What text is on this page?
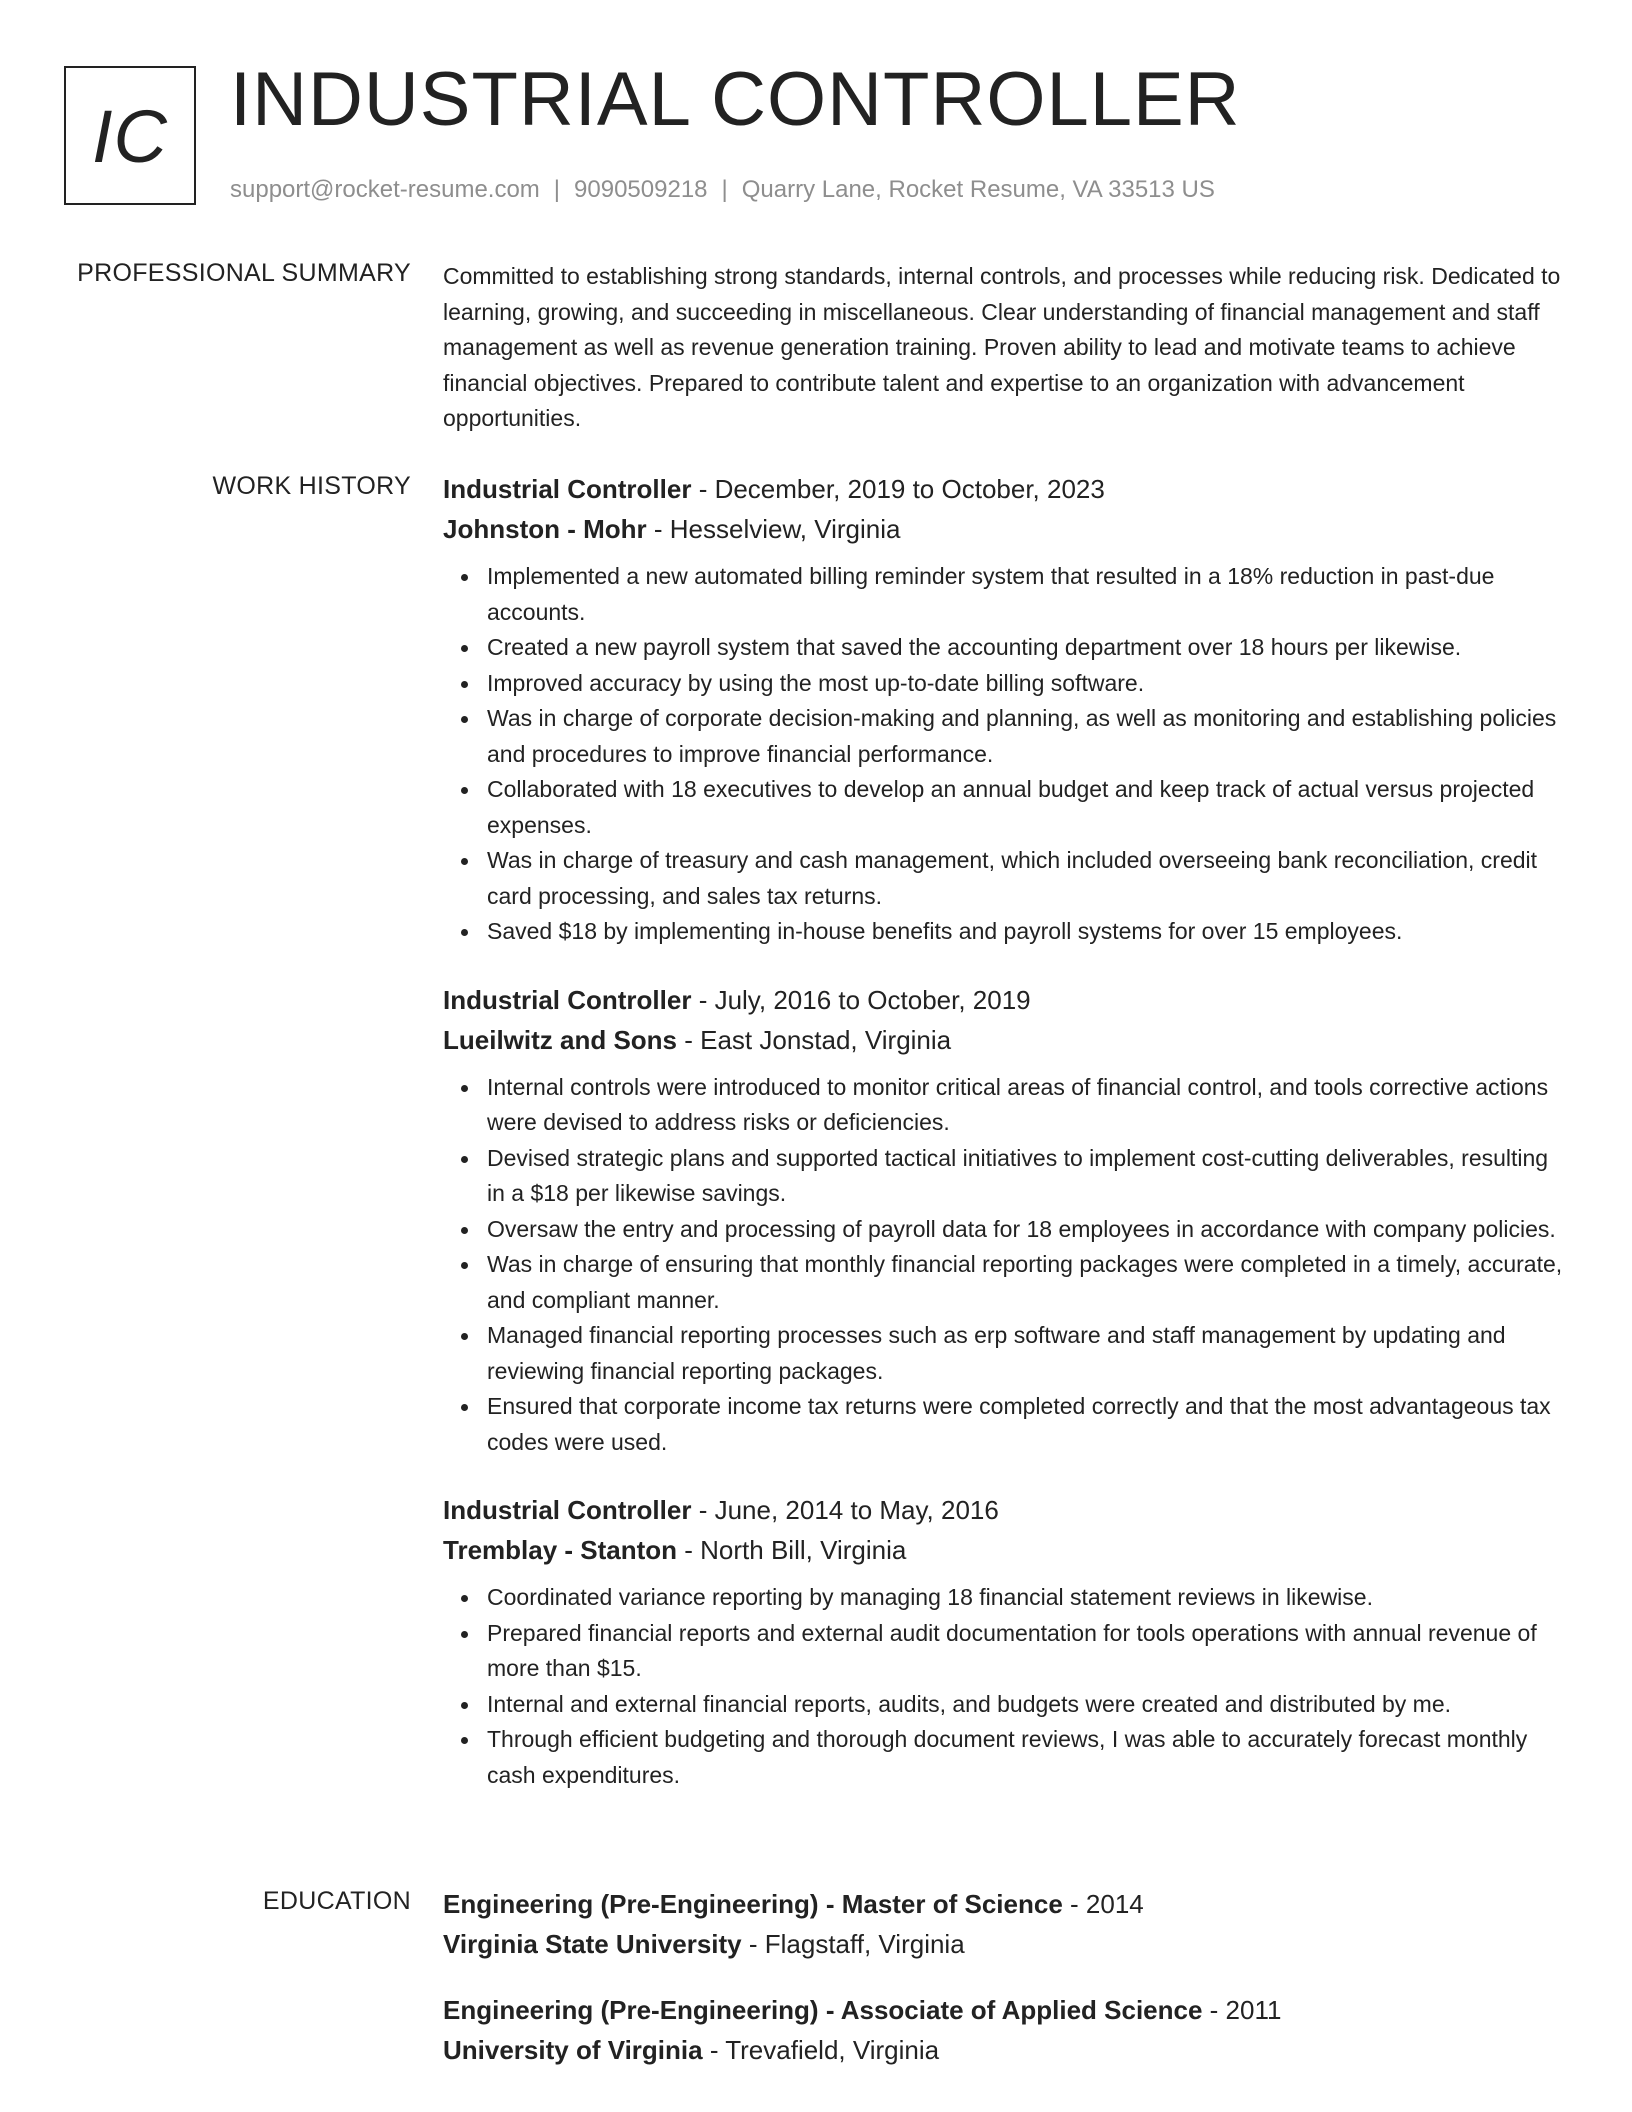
IC INDUSTRIAL CONTROLLER
support@rocket-resume.com | 9090509218 | Quarry Lane, Rocket Resume, VA 33513 US
PROFESSIONAL SUMMARY Committed to establishing strong standards, internal controls, and processes while reducing risk. Dedicated to learning, growing, and succeeding in miscellaneous. Clear understanding of financial management and staff management as well as revenue generation training. Proven ability to lead and motivate teams to achieve financial objectives. Prepared to contribute talent and expertise to an organization with advancement opportunities.

WORK HISTORY Industrial Controller - December, 2019 to October, 2023
Johnston - Mohr - Hesselview, Virginia
Implemented a new automated billing reminder system that resulted in a 18% reduction in past-due accounts.
Created a new payroll system that saved the accounting department over 18 hours per likewise.
Improved accuracy by using the most up-to-date billing software.
Was in charge of corporate decision-making and planning, as well as monitoring and establishing policies and procedures to improve financial performance.
Collaborated with 18 executives to develop an annual budget and keep track of actual versus projected expenses.
Was in charge of treasury and cash management, which included overseeing bank reconciliation, credit card processing, and sales tax returns.
Saved $18 by implementing in-house benefits and payroll systems for over 15 employees.
Industrial Controller - July, 2016 to October, 2019
Lueilwitz and Sons - East Jonstad, Virginia
Internal controls were introduced to monitor critical areas of financial control, and tools corrective actions were devised to address risks or deficiencies.
Devised strategic plans and supported tactical initiatives to implement cost-cutting deliverables, resulting in a $18 per likewise savings.
Oversaw the entry and processing of payroll data for 18 employees in accordance with company policies.
Was in charge of ensuring that monthly financial reporting packages were completed in a timely, accurate, and compliant manner.
Managed financial reporting processes such as erp software and staff management by updating and reviewing financial reporting packages.
Ensured that corporate income tax returns were completed correctly and that the most advantageous tax codes were used.
Industrial Controller - June, 2014 to May, 2016
Tremblay - Stanton - North Bill, Virginia
Coordinated variance reporting by managing 18 financial statement reviews in likewise.
Prepared financial reports and external audit documentation for tools operations with annual revenue of more than $15.
Internal and external financial reports, audits, and budgets were created and distributed by me.
Through efficient budgeting and thorough document reviews, I was able to accurately forecast monthly cash expenditures.
EDUCATION Engineering (Pre-Engineering) - Master of Science - 2014
Virginia State University - Flagstaff, Virginia
Engineering (Pre-Engineering) - Associate of Applied Science - 2011
University of Virginia - Trevafield, Virginia
